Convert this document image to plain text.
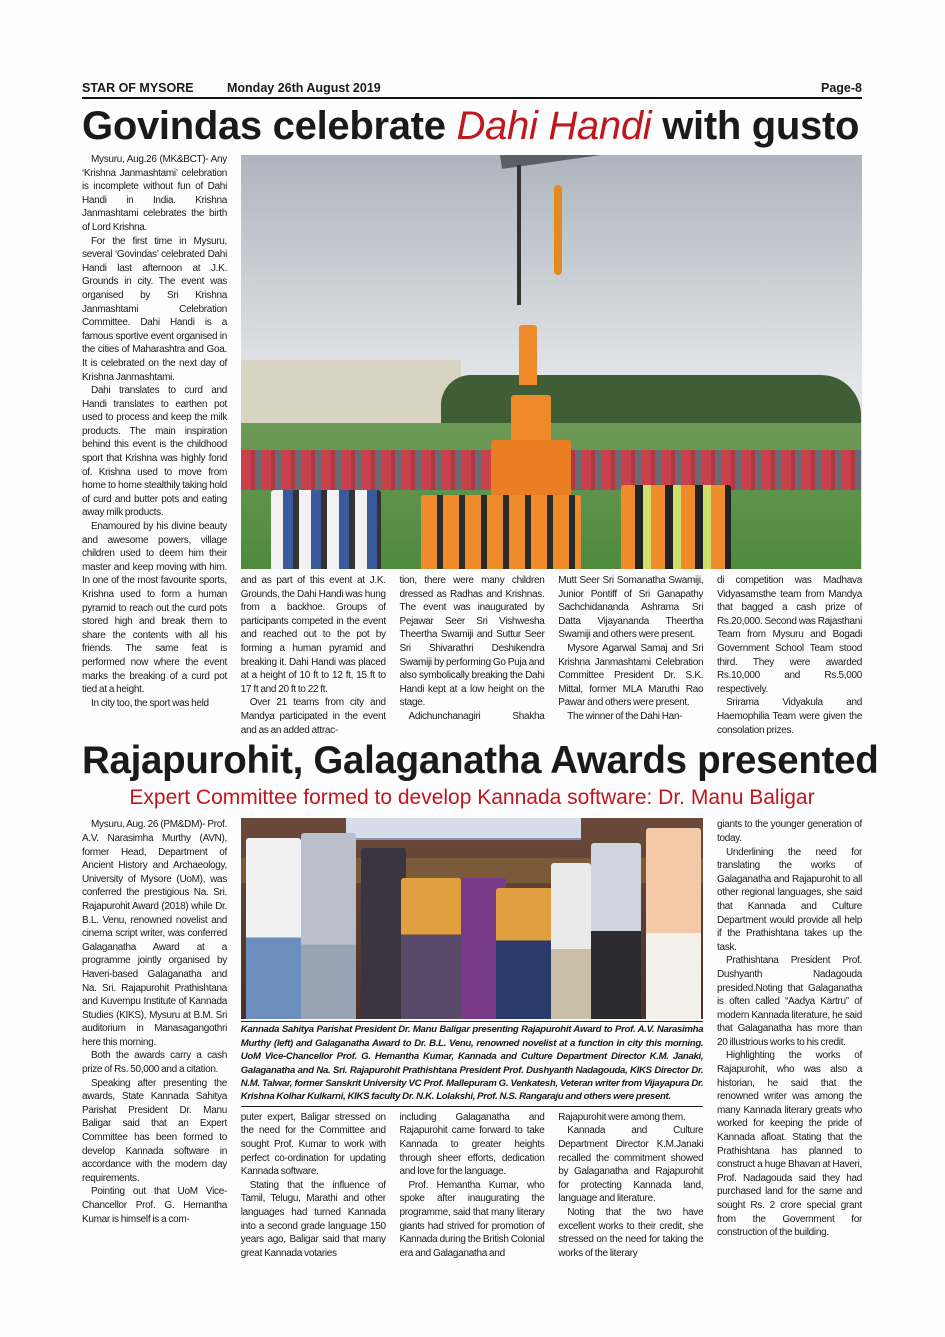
STAR OF MYSORE	Monday 26th August 2019	Page-8
Govindas celebrate Dahi Handi with gusto

Mysuru, Aug.26 (MK&BCT)- Any ‘Krishna Janmashtami’ celebration is incomplete without fun of Dahi Handi in India. Krishna Janmashtami celebrates the birth of Lord Krishna.

For the first time in Mysuru, several ‘Govindas’ celebrated Dahi Handi last afternoon at J.K. Grounds in city. The event was organised by Sri Krishna Janmashtami Celebration Committee. Dahi Handi is a famous sportive event organised in the cities of Maharashtra and Goa. It is celebrated on the next day of Krishna Janmashtami.

Dahi translates to curd and Handi translates to earthen pot used to process and keep the milk products. The main inspiration behind this event is the childhood sport that Krishna was highly fond of. Krishna used to move from home to home stealthily taking hold of curd and butter pots and eating away milk products.

Enamoured by his divine beauty and awesome powers, village children used to deem him their master and keep moving with him. In one of the most favourite sports, Krishna used to form a human pyramid to reach out the curd pots stored high and break them to share the contents with all his friends. The same feat is performed now where the event marks the breaking of a curd pot tied at a height.

In city too, the sport was held

and as part of this event at J.K. Grounds, the Dahi Handi was hung from a backhoe. Groups of participants competed in the event and reached out to the pot by forming a human pyramid and breaking it. Dahi Handi was placed at a height of 10 ft to 12 ft, 15 ft to 17 ft and 20 ft to 22 ft.

Over 21 teams from city and Mandya participated in the event and as an added attrac-

tion, there were many children dressed as Radhas and Krishnas. The event was inaugurated by Pejawar Seer Sri Vishwesha Theertha Swamiji and Suttur Seer Sri Shivarathri Deshikendra Swamiji by performing Go Puja and also symbolically breaking the Dahi Handi kept at a low height on the stage.

Adichunchanagiri Shakha

Mutt Seer Sri Somanatha Swamiji, Junior Pontiff of Sri Ganapathy Sachchidananda Ashrama Sri Datta Vijayananda Theertha Swamiji and others were present.

Mysore Agarwal Samaj and Sri Krishna Janmashtami Celebration Committee President Dr. S.K. Mittal, former MLA Maruthi Rao Pawar and others were present.

The winner of the Dahi Han-

di competition was Madhava Vidyasamsthe team from Mandya that bagged a cash prize of Rs.20,000. Second was Rajasthani Team from Mysuru and Bogadi Government School Team stood third. They were awarded Rs.10,000 and Rs.5,000 respectively.

Srirama Vidyakula and Haemophilia Team were given the consolation prizes.

Rajapurohit, Galaganatha Awards presented
Expert Committee formed to develop Kannada software: Dr. Manu Baligar

Mysuru, Aug. 26 (PM&DM)- Prof. A.V. Narasimha Murthy (AVN), former Head, Department of Ancient History and Archaeology, University of Mysore (UoM), was conferred the prestigious Na. Sri. Rajapurohit Award (2018) while Dr. B.L. Venu, renowned novelist and cinema script writer, was conferred Galaganatha Award at a programme jointly organised by Haveri-based Galaganatha and Na. Sri. Rajapurohit Prathishtana and Kuvempu Institute of Kannada Studies (KIKS), Mysuru at B.M. Sri auditorium in Manasagangothri here this morning.

Both the awards carry a cash prize of Rs. 50,000 and a citation.

Speaking after presenting the awards, State Kannada Sahitya Parishat President Dr. Manu Baligar said that an Expert Committee has been formed to develop Kannada software in accordance with the modern day requirements.

Pointing out that UoM Vice-Chancellor Prof. G. Hemantha Kumar is himself is a com-

Kannada Sahitya Parishat President Dr. Manu Baligar presenting Rajapurohit Award to Prof. A.V. Narasimha Murthy (left) and Galaganatha Award to Dr. B.L. Venu, renowned novelist at a function in city this morning. UoM Vice-Chancellor Prof. G. Hemantha Kumar, Kannada and Culture Department Director K.M. Janaki, Galaganatha and Na. Sri. Rajapurohit Prathishtana President Prof. Dushyanth Nadagouda, KIKS Director Dr. N.M. Talwar, former Sanskrit University VC Prof. Mallepuram G. Venkatesh, Veteran writer from Vijayapura Dr. Krishna Kolhar Kulkarni, KIKS faculty Dr. N.K. Lolakshi, Prof. N.S. Rangaraju and others were present.

puter expert, Baligar stressed on the need for the Committee and sought Prof. Kumar to work with perfect co-ordination for updating Kannada software.

Stating that the influence of Tamil, Telugu, Marathi and other languages had turned Kannada into a second grade language 150 years ago, Baligar said that many great Kannada votaries

including Galaganatha and Rajapurohit came forward to take Kannada to greater heights through sheer efforts, dedication and love for the language.

Prof. Hemantha Kumar, who spoke after inaugurating the programme, said that many literary giants had strived for promotion of Kannada during the British Colonial era and Galaganatha and

Rajapurohit were among them.

Kannada and Culture Department Director K.M.Janaki recalled the commitment showed by Galaganatha and Rajapurohit for protecting Kannada land, language and literature.

Noting that the two have excellent works to their credit, she stressed on the need for taking the works of the literary

giants to the younger generation of today.

Underlining the need for translating the works of Galaganatha and Rajapurohit to all other regional languages, she said that Kannada and Culture Department would provide all help if the Prathishtana takes up the task.

Prathishtana President Prof. Dushyanth Nadagouda presided.Noting that Galaganatha is often called “Aadya Kartru” of modern Kannada literature, he said that Galaganatha has more than 20 illustrious works to his credit.

Highlighting the works of Rajapurohit, who was also a historian, he said that the renowned writer was among the many Kannada literary greats who worked for keeping the pride of Kannada afloat. Stating that the Prathishtana has planned to construct a huge Bhavan at Haveri, Prof. Nadagouda said they had purchased land for the same and sought Rs. 2 crore special grant from the Government for construction of the building.
